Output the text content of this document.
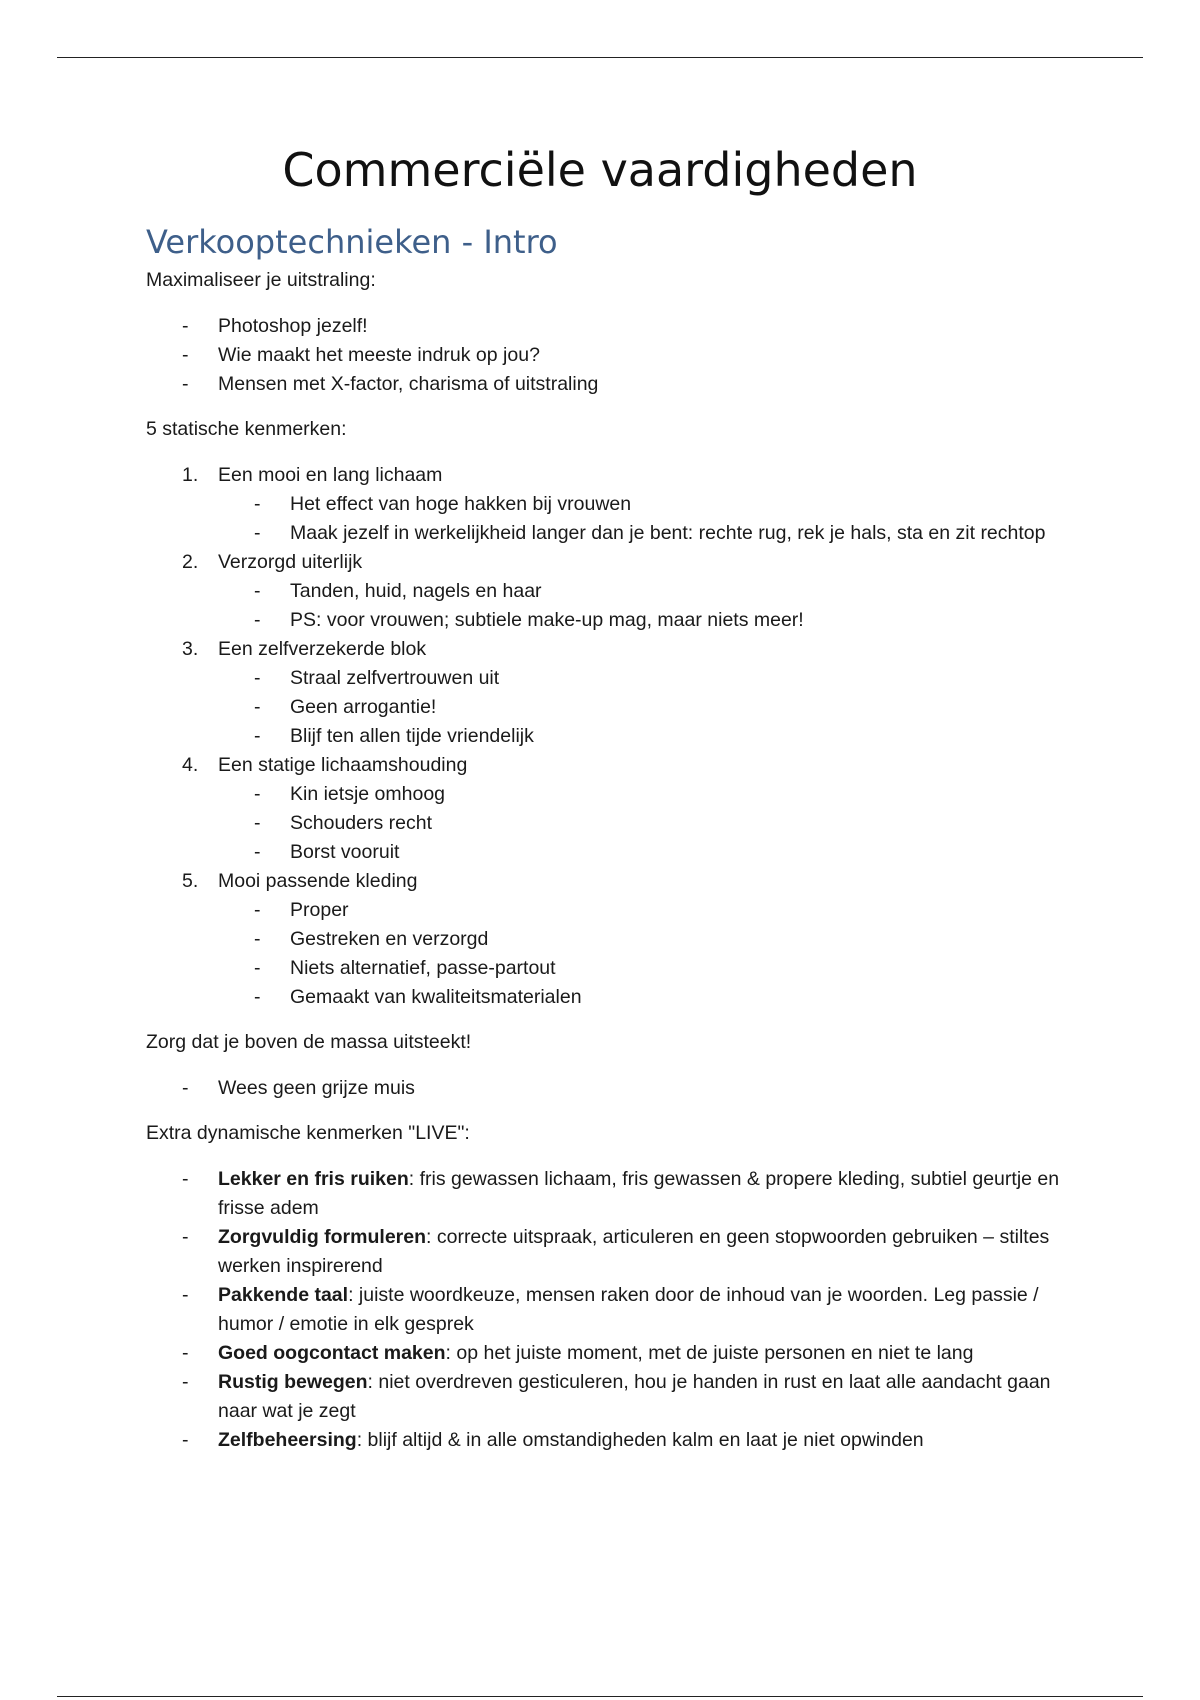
Commerciële vaardigheden
Verkooptechnieken - Intro

Maximaliseer je uitstraling:

- Photoshop jezelf!
- Wie maakt het meeste indruk op jou?
- Mensen met X-factor, charisma of uitstraling

5 statische kenmerken:

1. Een mooi en lang lichaam
- Het effect van hoge hakken bij vrouwen
- Maak jezelf in werkelijkheid langer dan je bent: rechte rug, rek je hals, sta en zit rechtop
2. Verzorgd uiterlijk
- Tanden, huid, nagels en haar
- PS: voor vrouwen; subtiele make-up mag, maar niets meer!
3. Een zelfverzekerde blok
- Straal zelfvertrouwen uit
- Geen arrogantie!
- Blijf ten allen tijde vriendelijk
4. Een statige lichaamshouding
- Kin ietsje omhoog
- Schouders recht
- Borst vooruit
5. Mooi passende kleding
- Proper
- Gestreken en verzorgd
- Niets alternatief, passe-partout
- Gemaakt van kwaliteitsmaterialen

Zorg dat je boven de massa uitsteekt!

- Wees geen grijze muis

Extra dynamische kenmerken "LIVE":

- Lekker en fris ruiken: fris gewassen lichaam, fris gewassen & propere kleding, subtiel geurtje en frisse adem
- Zorgvuldig formuleren: correcte uitspraak, articuleren en geen stopwoorden gebruiken – stiltes werken inspirerend
- Pakkende taal: juiste woordkeuze, mensen raken door de inhoud van je woorden. Leg passie / humor / emotie in elk gesprek
- Goed oogcontact maken: op het juiste moment, met de juiste personen en niet te lang
- Rustig bewegen: niet overdreven gesticuleren, hou je handen in rust en laat alle aandacht gaan naar wat je zegt
- Zelfbeheersing: blijf altijd & in alle omstandigheden kalm en laat je niet opwinden
